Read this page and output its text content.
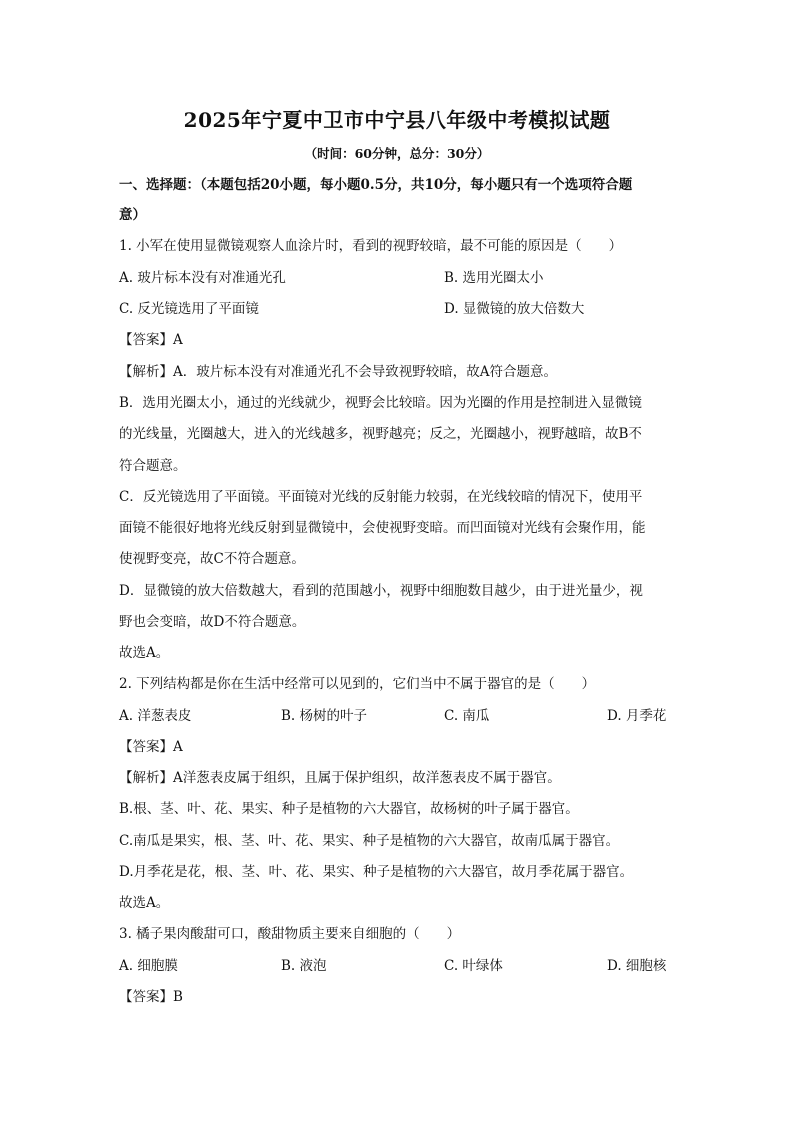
2025年宁夏中卫市中宁县八年级中考模拟试题
（时间：60分钟，总分：30分）
一、选择题：（本题包括20小题，每小题0.5分，共10分，每小题只有一个选项符合题
意）
1. 小军在使用显微镜观察人血涂片时，看到的视野较暗，最不可能的原因是（　　）
A. 玻片标本没有对准通光孔	B. 选用光圈太小
C. 反光镜选用了平面镜	D. 显微镜的放大倍数大
【答案】A
【解析】A．玻片标本没有对准通光孔不会导致视野较暗，故A符合题意。
B．选用光圈太小，通过的光线就少，视野会比较暗。因为光圈的作用是控制进入显微镜
的光线量，光圈越大，进入的光线越多，视野越亮；反之，光圈越小，视野越暗，故B不
符合题意。
C．反光镜选用了平面镜。平面镜对光线的反射能力较弱，在光线较暗的情况下，使用平
面镜不能很好地将光线反射到显微镜中，会使视野变暗。而凹面镜对光线有会聚作用，能
使视野变亮，故C不符合题意。
D．显微镜的放大倍数越大，看到的范围越小，视野中细胞数目越少，由于进光量少，视
野也会变暗，故D不符合题意。
故选A。
2. 下列结构都是你在生活中经常可以见到的，它们当中不属于器官的是（　　）
A. 洋葱表皮	B. 杨树的叶子	C. 南瓜	D. 月季花
【答案】A
【解析】A洋葱表皮属于组织，且属于保护组织，故洋葱表皮不属于器官。
B.根、茎、叶、花、果实、种子是植物的六大器官，故杨树的叶子属于器官。
C.南瓜是果实，根、茎、叶、花、果实、种子是植物的六大器官，故南瓜属于器官。
D.月季花是花，根、茎、叶、花、果实、种子是植物的六大器官，故月季花属于器官。
故选A。
3. 橘子果肉酸甜可口，酸甜物质主要来自细胞的（　　）
A. 细胞膜	B. 液泡	C. 叶绿体	D. 细胞核
【答案】B
